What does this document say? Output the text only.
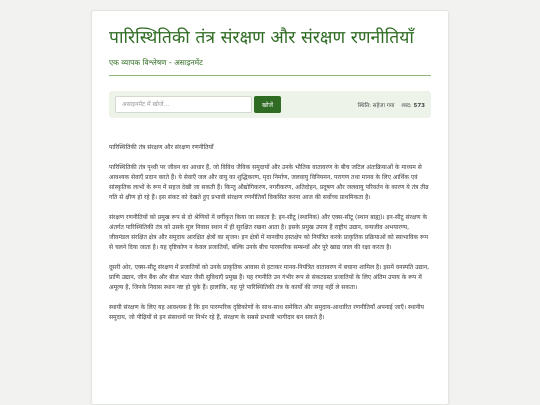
पारिस्थितिकी तंत्र संरक्षण और संरक्षण रणनीतियाँ
एक व्यापक विश्लेषण - असाइनमेंट
असाइनमेंट में खोजें...
खोजें	स्थिति: सहेजा गया शब्द: 573

पारिस्थितिकी तंत्र संरक्षण और संरक्षण रणनीतियाँ

पारिस्थितिकी तंत्र पृथ्वी पर जीवन का आधार हैं, जो विविध जैविक समुदायों और उनके भौतिक वातावरण के बीच जटिल अंतःक्रियाओं के माध्यम से आवश्यक सेवाएँ प्रदान करते हैं। ये सेवाएँ जल और वायु का शुद्धिकरण, मृदा निर्माण, जलवायु विनियमन, परागण तथा मानव के लिए आर्थिक एवं सांस्कृतिक लाभों के रूप में सहज देखी जा सकती हैं। किन्तु औद्योगिकरण, नगरीकरण, अतिदोहन, प्रदूषण और जलवायु परिवर्तन के कारण ये तंत्र तीव्र गति से क्षीण हो रहे हैं। इस संकट को देखते हुए प्रभावी संरक्षण रणनीतियाँ विकसित करना आज की सर्वोच्च प्राथमिकता है।

संरक्षण रणनीतियों को प्रमुख रूप से दो श्रेणियों में वर्गीकृत किया जा सकता है: इन-सीटू (स्थानिक) और एक्स-सीटू (स्थान बाह्य)। इन-सीटू संरक्षण के अंतर्गत पारिस्थितिकी तंत्र को उसके मूल निवास स्थान में ही सुरक्षित रखना आता है। इसके प्रमुख उपाय हैं राष्ट्रीय उद्यान, वन्यजीव अभयारण्य, जीवमंडल संरक्षित क्षेत्र और समुदाय आरक्षित क्षेत्रों का सृजन। इन क्षेत्रों में मानवीय हस्तक्षेप को नियंत्रित करके प्राकृतिक प्रक्रियाओं को स्वाभाविक रूप से चलने दिया जाता है। यह दृष्टिकोण न केवल प्रजातियों, बल्कि उनके बीच पारस्परिक सम्बन्धों और पूरे खाद्य जाल की रक्षा करता है।

दूसरी ओर, एक्स-सीटू संरक्षण में प्रजातियों को उनके प्राकृतिक आवास से हटाकर मानव-नियंत्रित वातावरण में बचाना शामिल है। इसमें वनस्पति उद्यान, प्राणि उद्यान, जीन बैंक और बीज भंडार जैसी सुविधाएँ प्रमुख हैं। यह रणनीति उन गंभीर रूप से संकटग्रस्त प्रजातियों के लिए अंतिम उपाय के रूप में अमूल्य है, जिनके निवास स्थान नष्ट हो चुके हैं। हालांकि, यह पूरे पारिस्थितिकी तंत्र के कार्यों की जगह नहीं ले सकता।

स्थायी संरक्षण के लिए यह आवश्यक है कि इन पारम्परिक दृष्टिकोणों के साथ-साथ समेकित और समुदाय-आधारित रणनीतियाँ अपनाई जाएँ। स्थानीय समुदाय, जो पीढ़ियों से इन संसाधनों पर निर्भर रहे हैं, संरक्षण के सबसे प्रभावी भागीदार बन सकते हैं।
